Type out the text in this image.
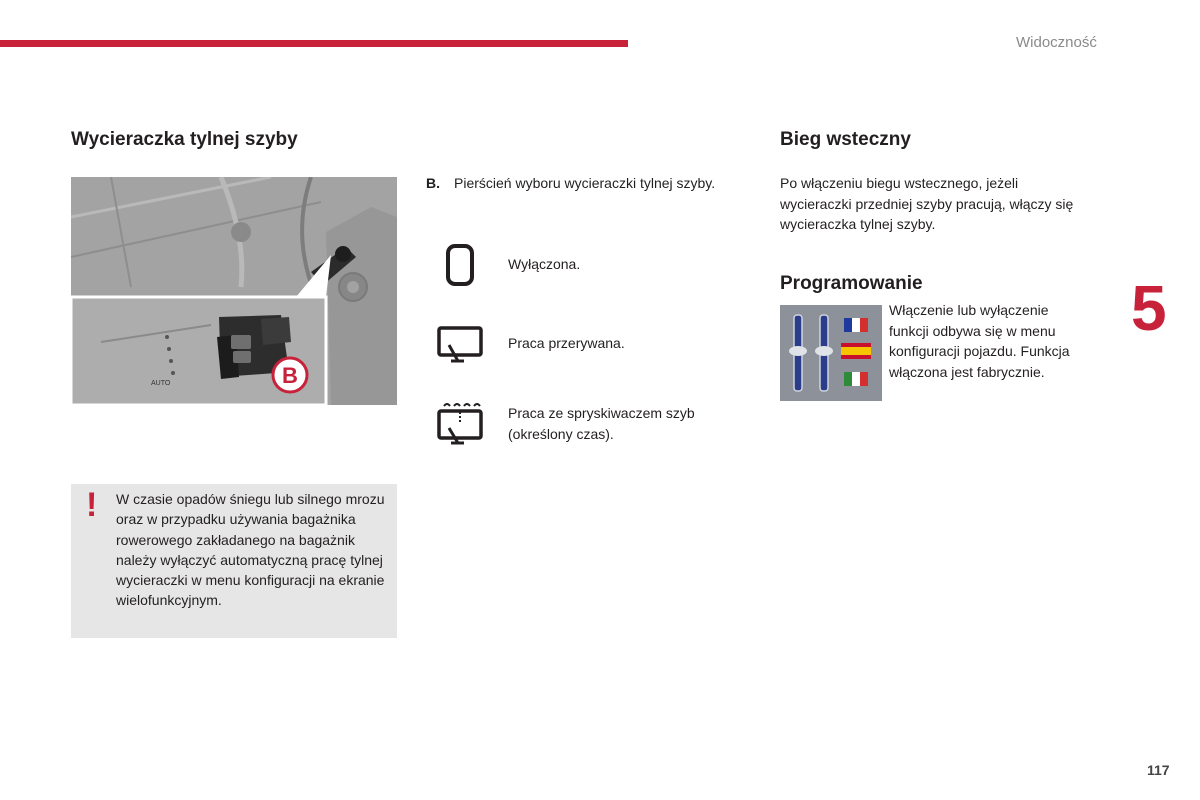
Widoczność
5
117
Wycieraczka tylnej szyby
AUTO	B
! W czasie opadów śniegu lub silnego mrozu oraz w przypadku używania bagażnika rowerowego zakładanego na bagażnik należy wyłączyć automatyczną pracę tylnej wycieraczki w menu konfiguracji na ekranie wielofunkcyjnym.
B. Pierścień wyboru wycieraczki tylnej szyby.
Wyłączona.
Praca przerywana.
Praca ze spryskiwaczem szyb (określony czas).
Bieg wsteczny
Po włączeniu biegu wstecznego, jeżeli wycieraczki przedniej szyby pracują, włączy się wycieraczka tylnej szyby.
Programowanie
Włączenie lub wyłączenie funkcji odbywa się w menu konfiguracji pojazdu. Funkcja włączona jest fabrycznie.
